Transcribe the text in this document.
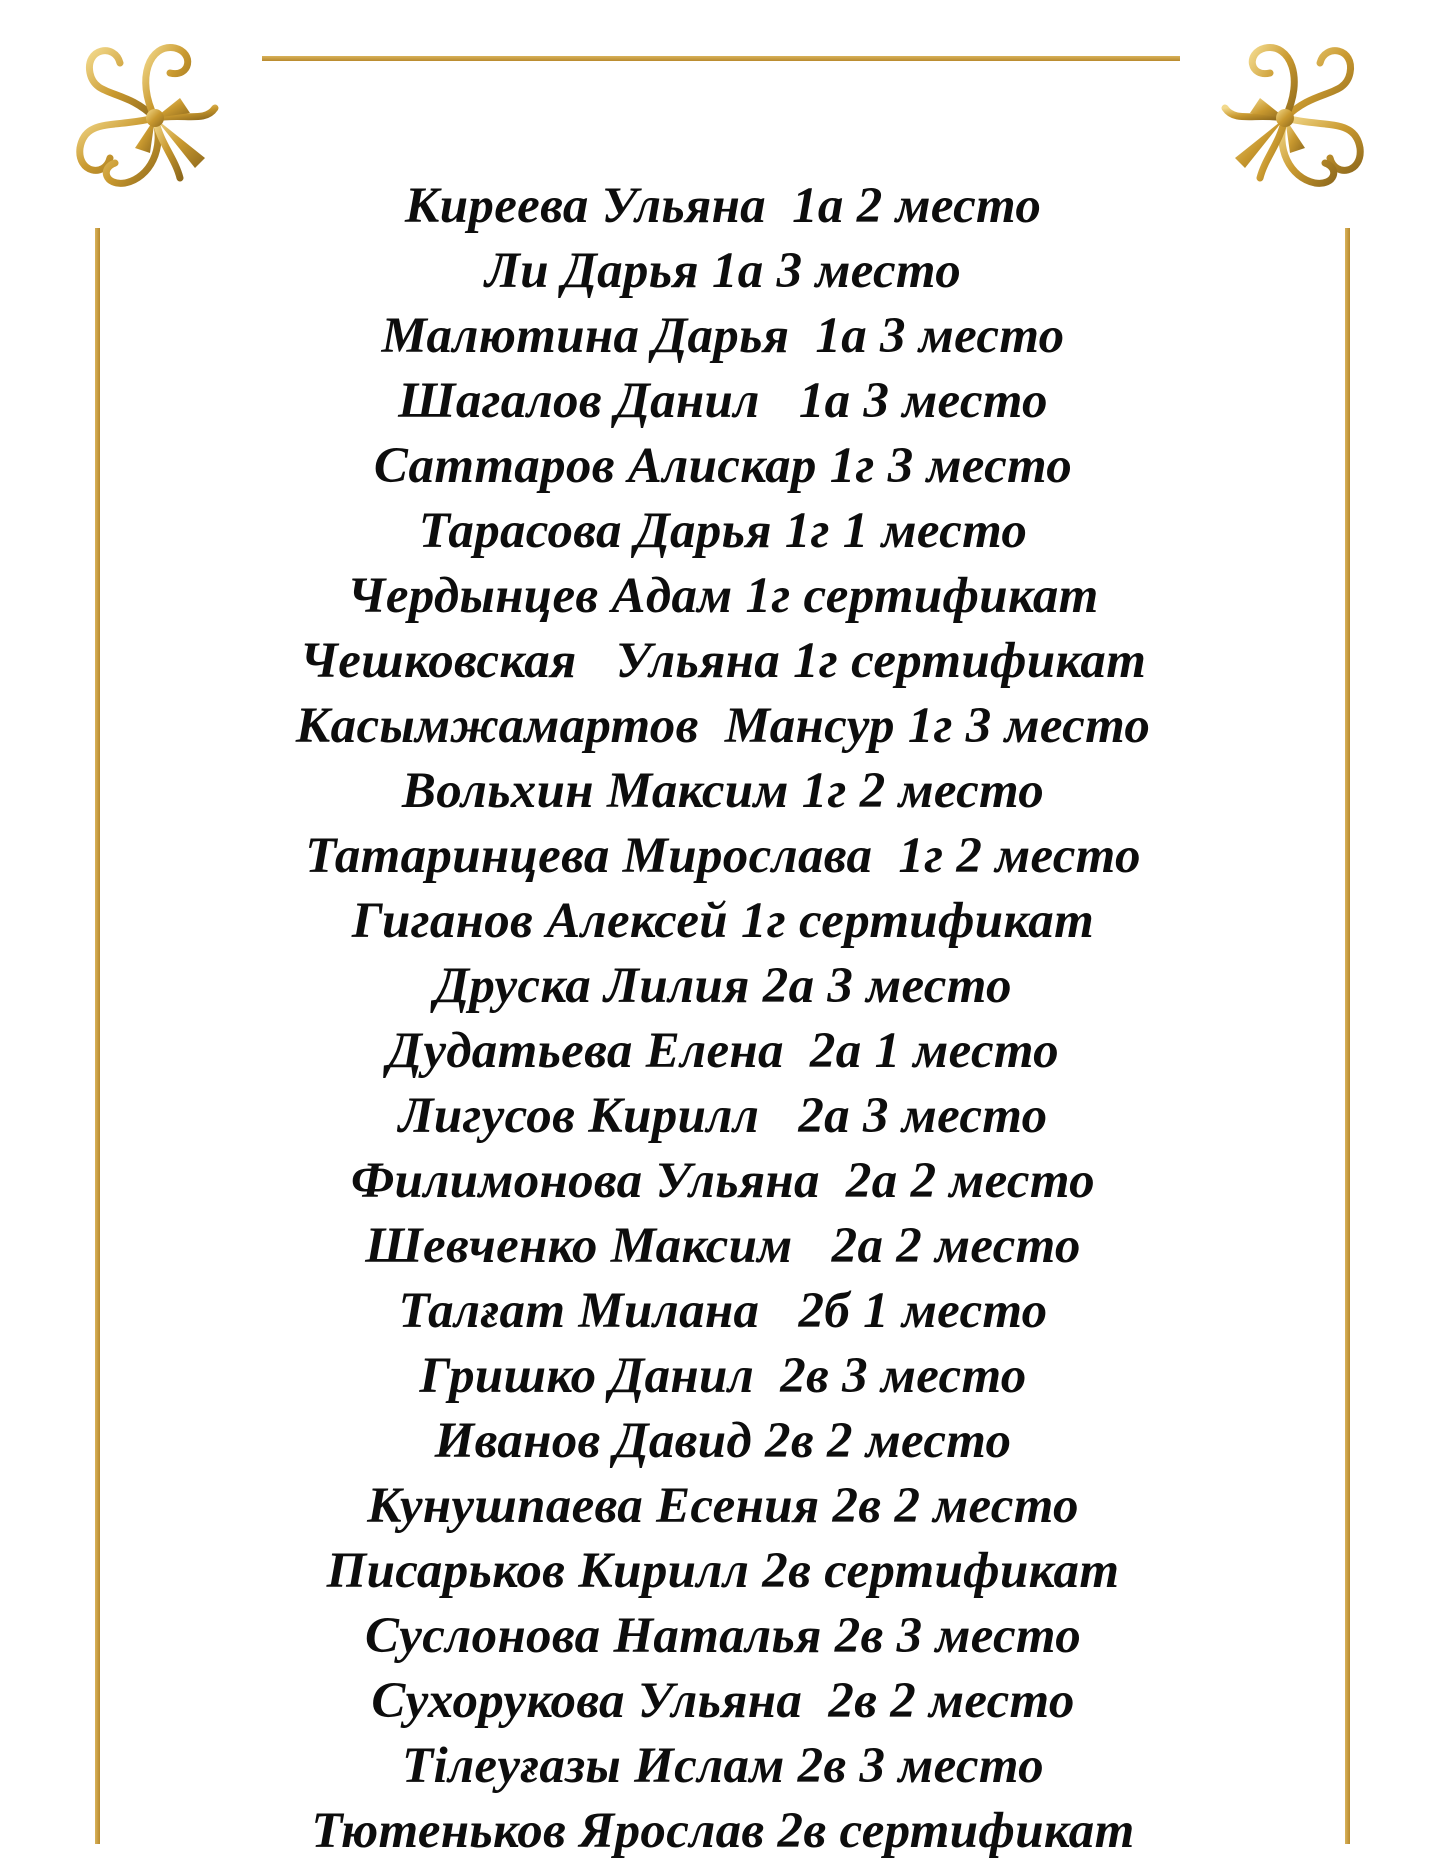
Киреева Ульяна  1а 2 место
Ли Дарья 1а 3 место
Малютина Дарья  1а 3 место
Шагалов Данил   1а 3 место
Саттаров Алискар 1г 3 место
Тарасова Дарья 1г 1 место
Чердынцев Адам 1г сертификат
Чешковская   Ульяна 1г сертификат
Касымжамартов  Мансур 1г 3 место
Вольхин Максим 1г 2 место
Татаринцева Мирослава  1г 2 место
Гиганов Алексей 1г сертификат
Друска Лилия 2а 3 место
Дудатьева Елена  2а 1 место
Лигусов Кирилл   2а 3 место
Филимонова Ульяна  2а 2 место
Шевченко Максим   2а 2 место
Талғат Милана   2б 1 место
Гришко Данил  2в 3 место
Иванов Давид 2в 2 место
Кунушпаева Есения 2в 2 место
Писарьков Кирилл 2в сертификат
Суслонова Наталья 2в 3 место
Сухорукова Ульяна  2в 2 место
Тілеуғазы Ислам 2в 3 место
Тютеньков Ярослав 2в сертификат
